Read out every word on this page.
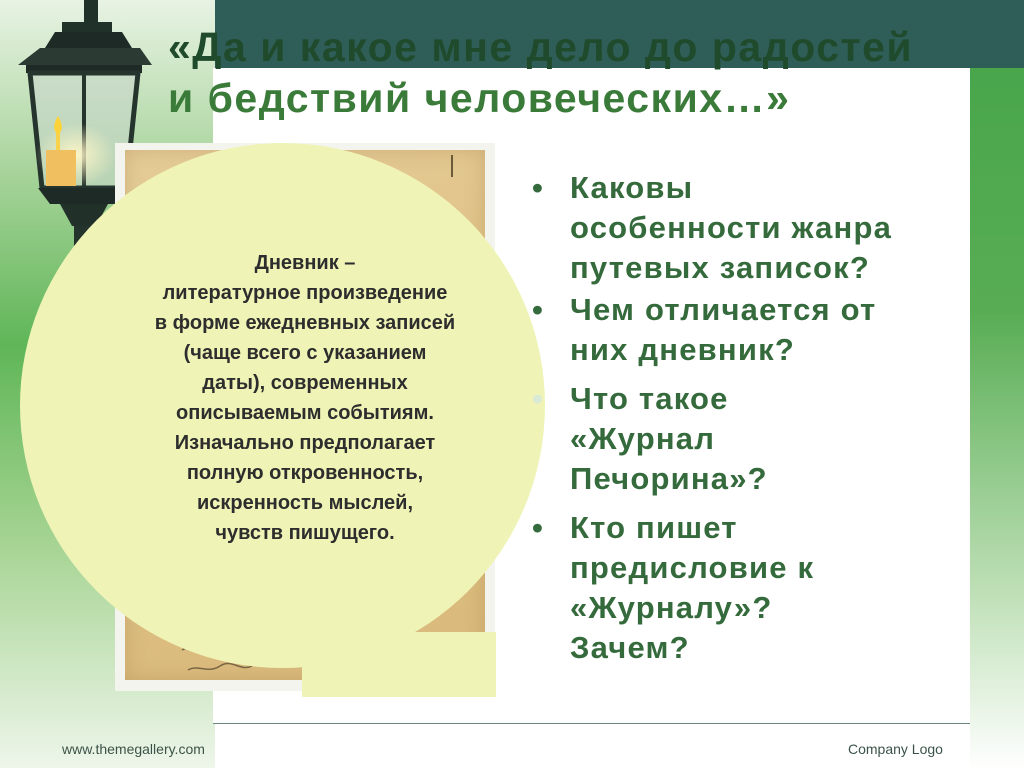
«Да и какое мне дело до радостей
и бедствий человеческих…»

Дневник –
литературное произведение
в форме ежедневных записей
(чаще всего с указанием
даты), современных
описываемым событиям.
Изначально предполагает
полную откровенность,
искренность мыслей,
чувств пишущего.

• Каковы
особенности жанра
путевых записок?
• Чем отличается от
них дневник?
• Что такое
«Журнал
Печорина»?
• Кто пишет
предисловие к
«Журналу»?
Зачем?
www.themegallery.com	Company Logo
